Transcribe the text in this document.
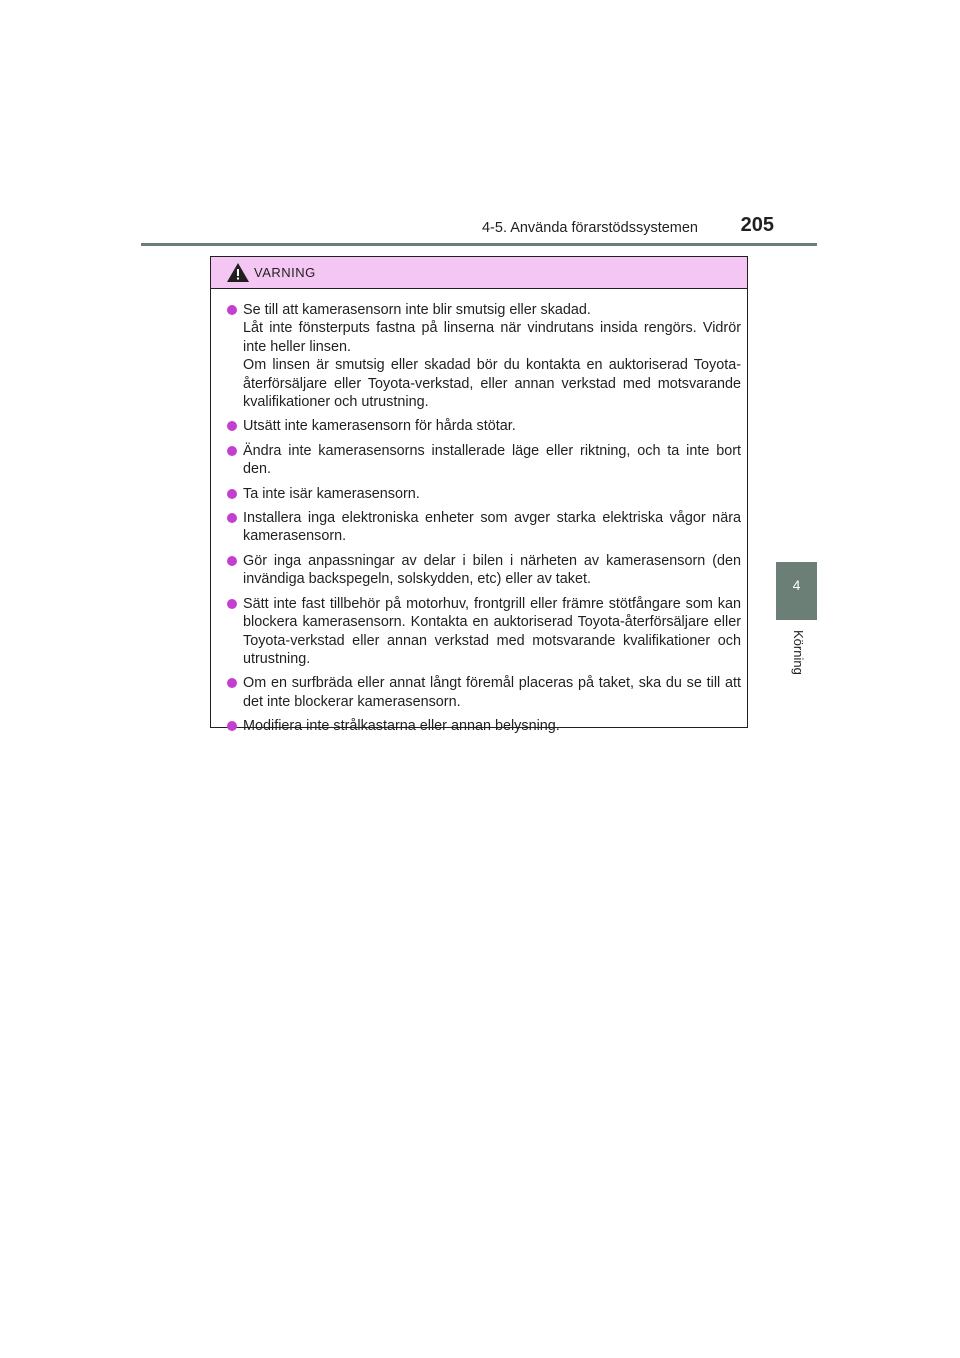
4-5. Använda förarstödssystemen 205
4
Körning
VARNING
Se till att kamerasensorn inte blir smutsig eller skadad.
Låt inte fönsterputs fastna på linserna när vindrutans insida rengörs. Vidrör inte heller linsen.
Om linsen är smutsig eller skadad bör du kontakta en auktoriserad Toyota-återförsäljare eller Toyota-verkstad, eller annan verkstad med motsvarande kvalifikationer och utrustning.
Utsätt inte kamerasensorn för hårda stötar.
Ändra inte kamerasensorns installerade läge eller riktning, och ta inte bort den.
Ta inte isär kamerasensorn.
Installera inga elektroniska enheter som avger starka elektriska vågor nära kamerasensorn.
Gör inga anpassningar av delar i bilen i närheten av kamerasensorn (den invändiga backspegeln, solskydden, etc) eller av taket.
Sätt inte fast tillbehör på motorhuv, frontgrill eller främre stötfångare som kan blockera kamerasensorn. Kontakta en auktoriserad Toyota-återförsäljare eller Toyota-verkstad eller annan verkstad med motsvarande kvalifikationer och utrustning.
Om en surfbräda eller annat långt föremål placeras på taket, ska du se till att det inte blockerar kamerasensorn.
Modifiera inte strålkastarna eller annan belysning.
